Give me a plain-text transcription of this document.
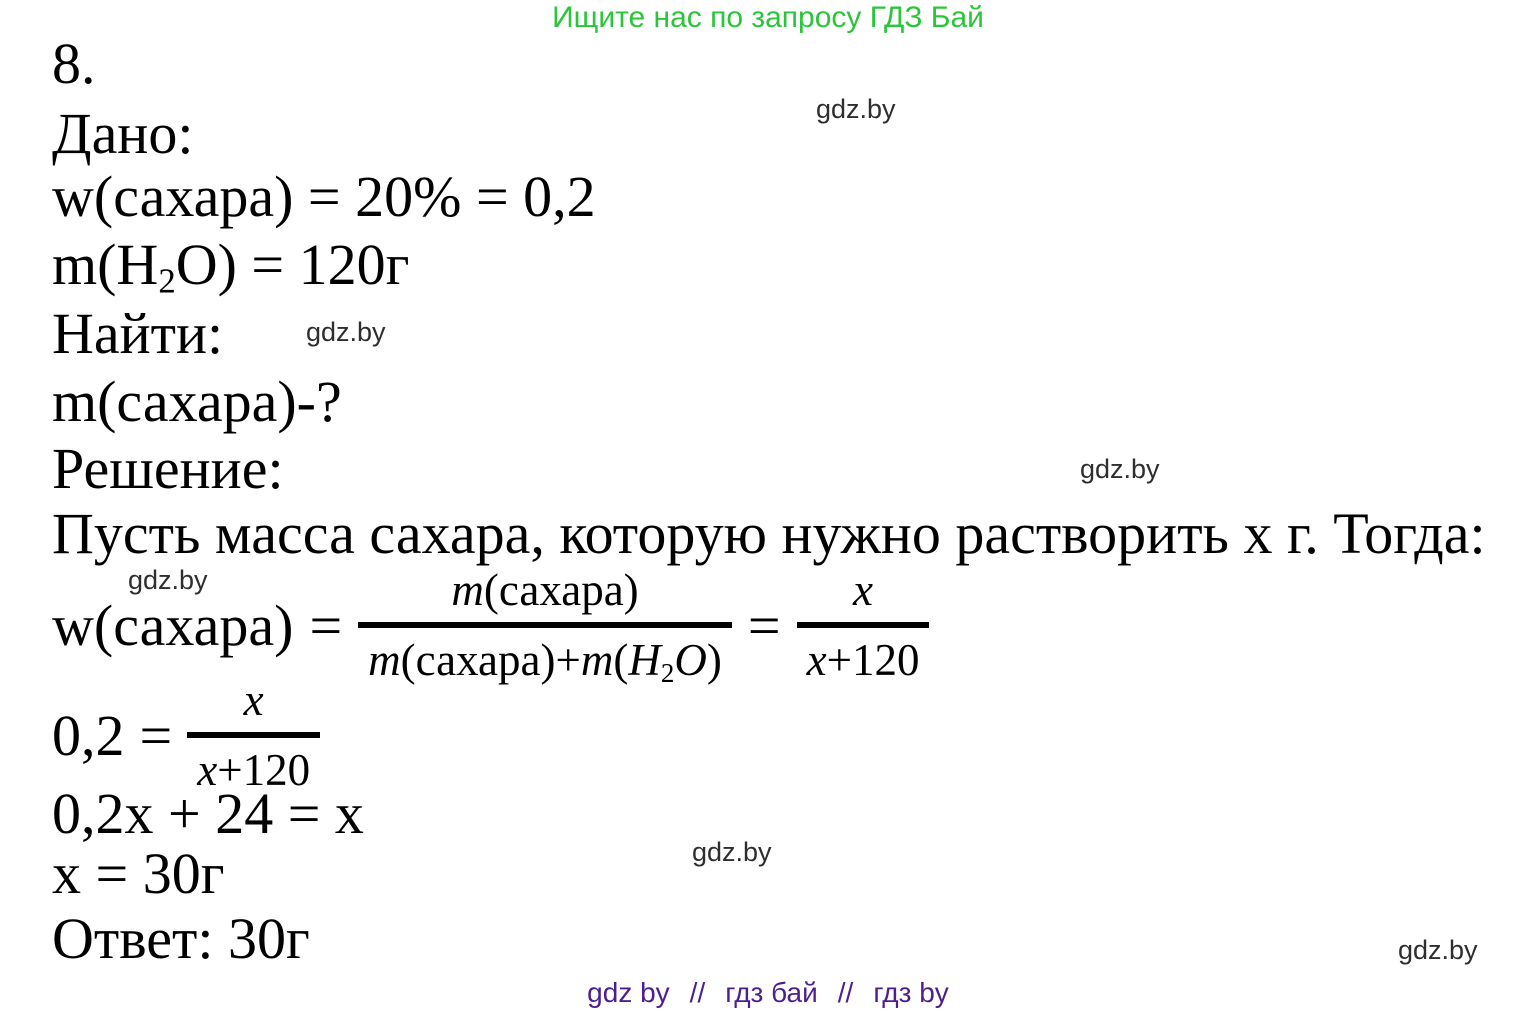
Ищите нас по запросу ГДЗ Бай
gdz.by
gdz.by
gdz.by
gdz.by
gdz.by
gdz.by
8.
Дано:
w(сахара) = 20% = 0,2
$m(H_2O) = 120г$
Найти:
m(сахара)-?
Решение:
Пусть масса сахара, которую нужно растворить х г. Тогда:
w(сахара) = $\frac{\text{m(сахара)}}{m(сахара)+m(H_2O)} = \frac{x}{x+120}$
$0,2 = \frac{x}{x+120}$
0,2x + 24 = x
x = 30г
Ответ: 30г
gdz by // гдз бай // гдз by
